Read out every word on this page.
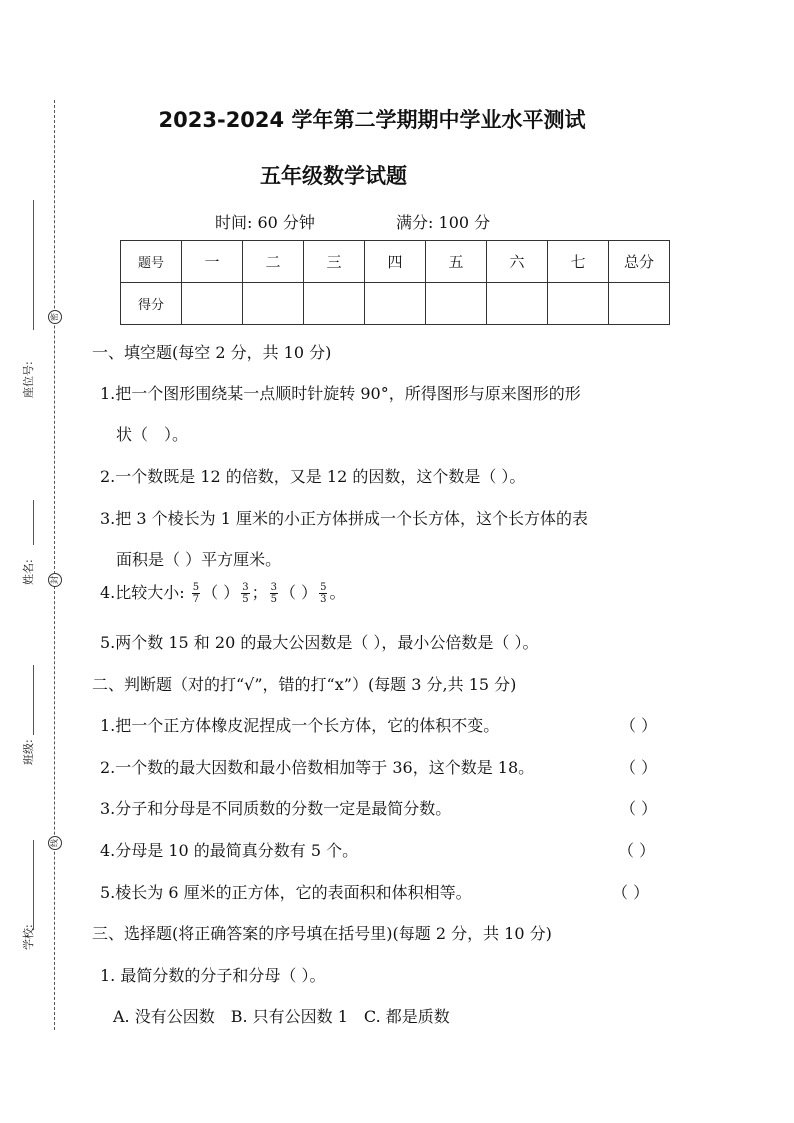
密
封
线
座位号:
姓名:
班级:
学校:
2023-2024 学年第二学期期中学业水平测试
五年级数学试题
时间: 60 分钟	满分: 100 分
题号	一	二	三	四	五	六	七	总分
得分								
一、填空题(每空 2 分，共 10 分)
1.把一个图形围绕某一点顺时针旋转 90°，所得图形与原来图形的形
状（　）。
2.一个数既是 12 的倍数，又是 12 的因数，这个数是（ ）。
3.把 3 个棱长为 1 厘米的小正方体拼成一个长方体，这个长方体的表
面积是（ ）平方厘米。
4.比较大小: $\frac{5}{7}$ （ ） $\frac{3}{5}$ ； $\frac{3}{5}$ （ ） $\frac{5}{3}$ 。
5.两个数 15 和 20 的最大公因数是（ ），最小公倍数是（ ）。
二、判断题（对的打“√”，错的打“x”）(每题 3 分,共 15 分)
1.把一个正方体橡皮泥捏成一个长方体，它的体积不变。	（ ）
2.一个数的最大因数和最小倍数相加等于 36，这个数是 18。	（ ）
3.分子和分母是不同质数的分数一定是最简分数。	（ ）
4.分母是 10 的最简真分数有 5 个。	（ ）
5.棱长为 6 厘米的正方体，它的表面积和体积相等。	（ ）
三、选择题(将正确答案的序号填在括号里)(每题 2 分，共 10 分)
1. 最简分数的分子和分母（ ）。
A. 没有公因数　B. 只有公因数 1　C. 都是质数
